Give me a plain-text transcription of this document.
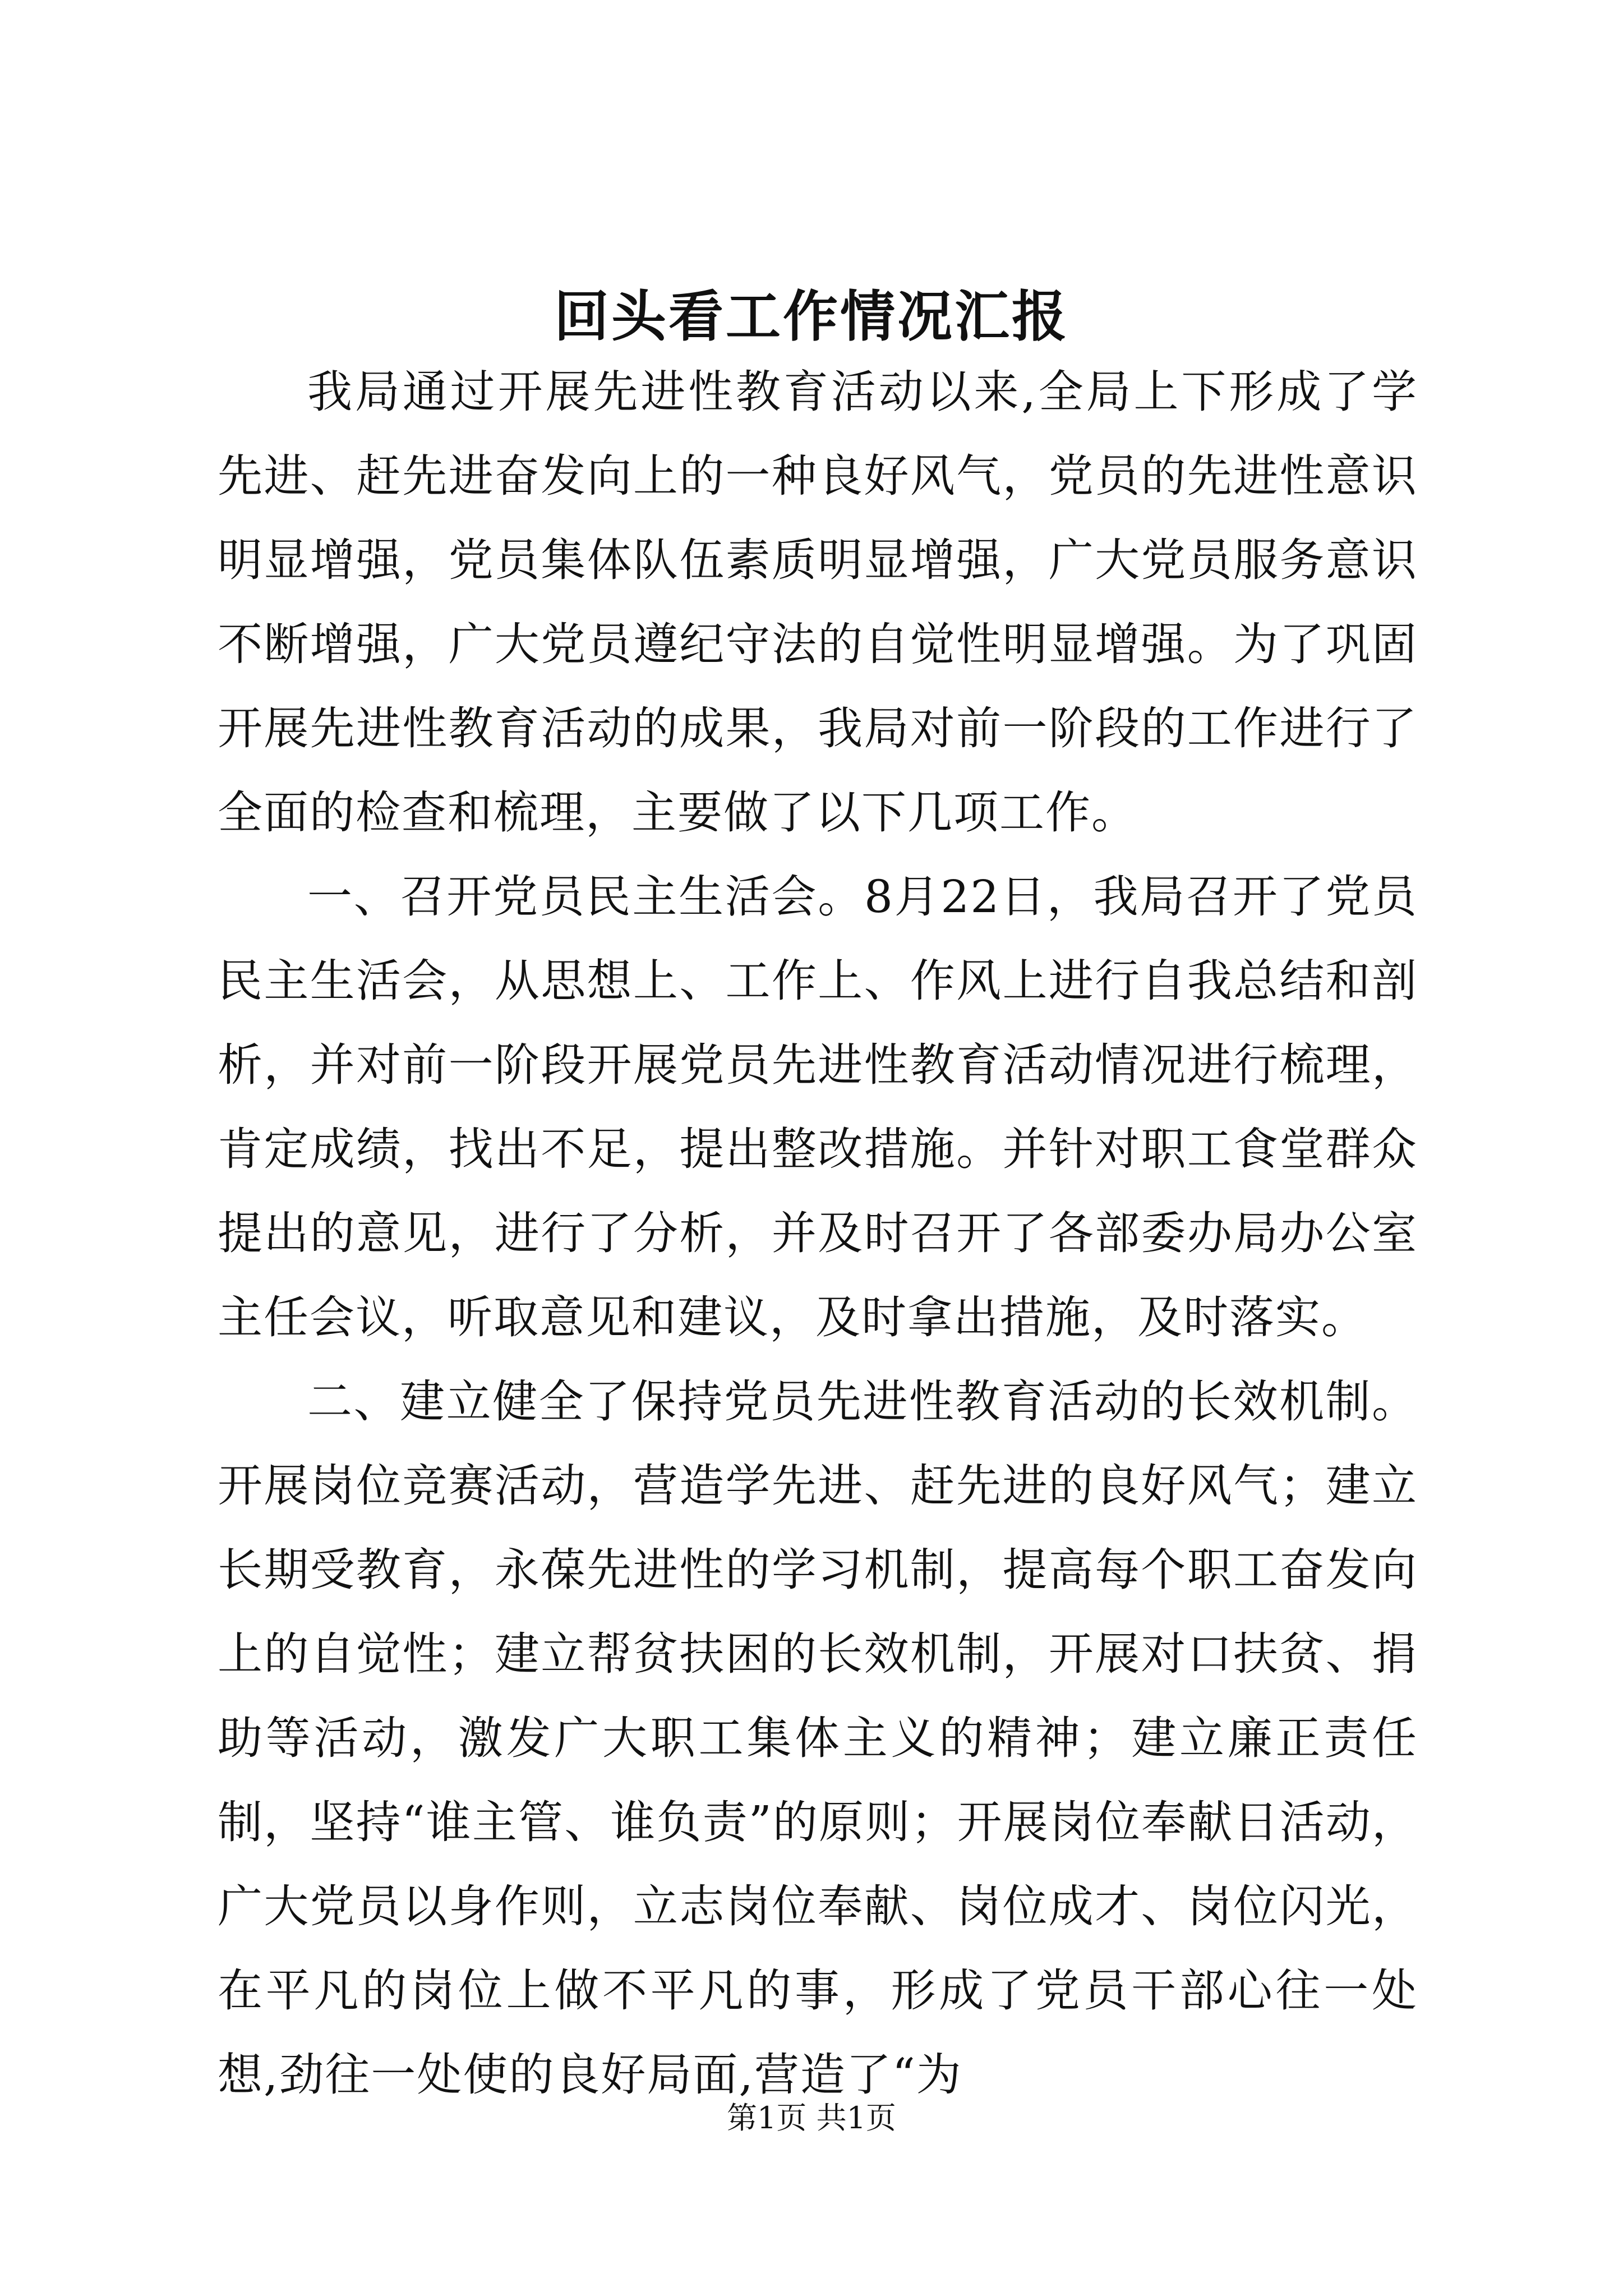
回头看工作情况汇报

我局通过开展先进性教育活动以来,全局上下形成了学先进、赶先进奋发向上的一种良好风气，党员的先进性意识明显增强，党员集体队伍素质明显增强，广大党员服务意识不断增强，广大党员遵纪守法的自觉性明显增强。为了巩固开展先进性教育活动的成果，我局对前一阶段的工作进行了全面的检查和梳理，主要做了以下几项工作。

一、召开党员民主生活会。8月22日，我局召开了党员民主生活会，从思想上、工作上、作风上进行自我总结和剖析，并对前一阶段开展党员先进性教育活动情况进行梳理，肯定成绩，找出不足，提出整改措施。并针对职工食堂群众提出的意见，进行了分析，并及时召开了各部委办局办公室主任会议，听取意见和建议，及时拿出措施，及时落实。

二、建立健全了保持党员先进性教育活动的长效机制。开展岗位竞赛活动，营造学先进、赶先进的良好风气；建立长期受教育，永葆先进性的学习机制，提高每个职工奋发向上的自觉性；建立帮贫扶困的长效机制，开展对口扶贫、捐助等活动，激发广大职工集体主义的精神；建立廉正责任制，坚持“谁主管、谁负责”的原则；开展岗位奉献日活动，广大党员以身作则，立志岗位奉献、岗位成才、岗位闪光，在平凡的岗位上做不平凡的事，形成了党员干部心往一处想,劲往一处使的良好局面,营造了“为

第1页 共1页
